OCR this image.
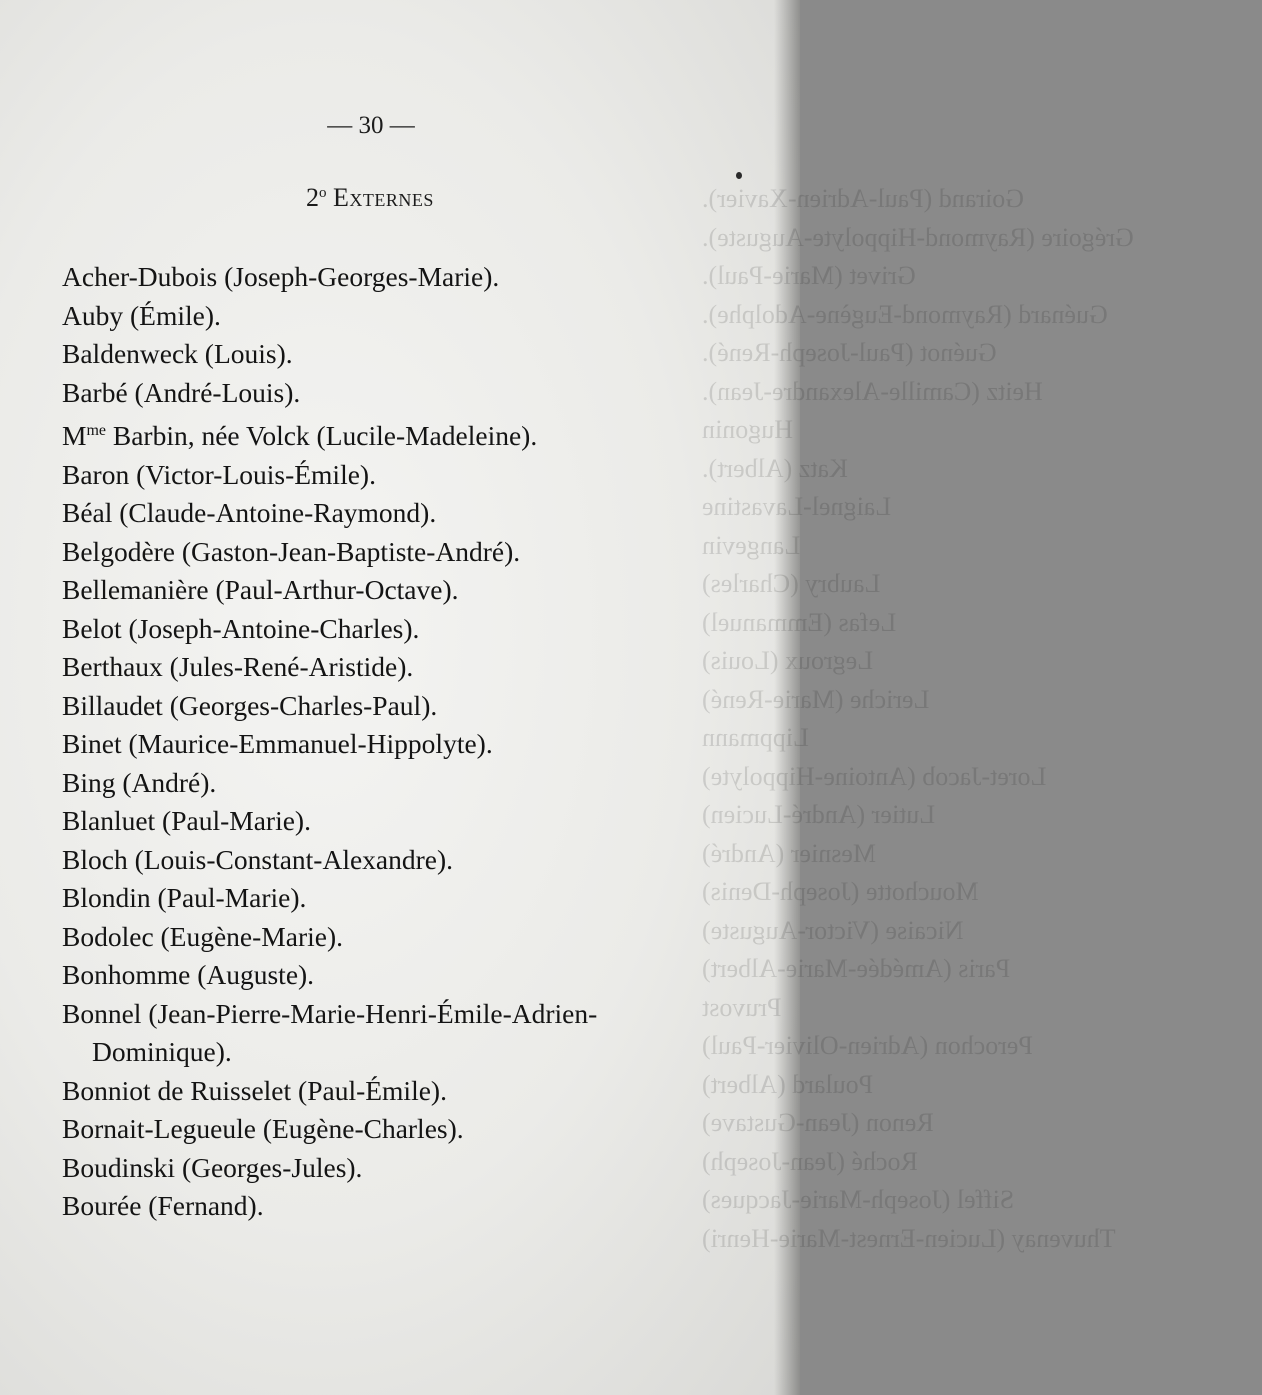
Goirand (Paul-Adrien-Xavier).
Grégoire (Raymond-Hippolyte-Auguste).
Grivet (Marie-Paul).
Guénard (Raymond-Eugène-Adolphe).
Guénot (Paul-Joseph-René).
Heitz (Camille-Alexandre-Jean).
Hugonin
Katz (Albert).
Laignel-Lavastine
Langevin
Laubry (Charles)
Lefas (Emmanuel)
Legroux (Louis)
Leriche (Marie-René)
Lippmann
Loret-Jacob (Antoine-Hippolyte)
Lutier (André-Lucien)
Mesnier (André)
Mouchotte (Joseph-Denis)
Nicaise (Victor-Auguste)
Paris (Amédée-Marie-Albert)
Pruvost
Perochon (Adrien-Olivier-Paul)
Poulard (Albert)
Renon (Jean-Gustave)
Roché (Jean-Joseph)
Siffel (Joseph-Marie-Jacques)
Thuvenay (Lucien-Ernest-Marie-Henri)
— 30 —
2$^o$ Externes
Acher-Dubois (Joseph-Georges-Marie).
Auby (Émile).
Baldenweck (Louis).
Barbé (André-Louis).
$M^{me}$ Barbin, née Volck (Lucile-Madeleine).
Baron (Victor-Louis-Émile).
Béal (Claude-Antoine-Raymond).
Belgodère (Gaston-Jean-Baptiste-André).
Bellemanière (Paul-Arthur-Octave).
Belot (Joseph-Antoine-Charles).
Berthaux (Jules-René-Aristide).
Billaudet (Georges-Charles-Paul).
Binet (Maurice-Emmanuel-Hippolyte).
Bing (André).
Blanluet (Paul-Marie).
Bloch (Louis-Constant-Alexandre).
Blondin (Paul-Marie).
Bodolec (Eugène-Marie).
Bonhomme (Auguste).
Bonnel (Jean-Pierre-Marie-Henri-Émile-Adrien-
Dominique).
Bonniot de Ruisselet (Paul-Émile).
Bornait-Legueule (Eugène-Charles).
Boudinski (Georges-Jules).
Bourée (Fernand).
